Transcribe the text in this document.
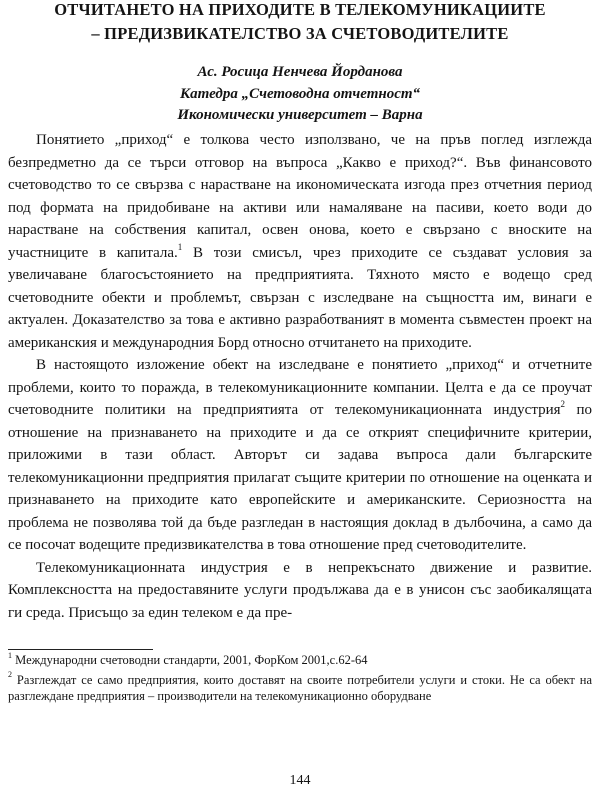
ОТЧИТАНЕТО НА ПРИХОДИТЕ В ТЕЛЕКОМУНИКАЦИИТЕ
– ПРЕДИЗВИКАТЕЛСТВО ЗА СЧЕТОВОДИТЕЛИТЕ
Ас. Росица Ненчева Йорданова
Катедра „Счетоводна отчетност“
Икономически университет – Варна

Понятието „приход“ е толкова често използвано, че на пръв поглед изглежда безпредметно да се търси отговор на въпроса „Какво е приход?“. Във финансовото счетоводство то се свързва с нарастване на икономическата изгода през отчетния период под формата на придобиване на активи или намаляване на пасиви, което води до нарастване на собствения капитал, освен онова, което е свързано с вноските на участниците в капитала.$^1$ В този смисъл, чрез приходите се създават условия за увеличаване благосъстоянието на предприятията. Тяхното място е водещо сред счетоводните обекти и проблемът, свързан с изследване на същността им, винаги е актуален. Доказателство за това е активно разработваният в момента съвместен проект на американския и международния Борд относно отчитането на приходите.

В настоящото изложение обект на изследване е понятието „приход“ и отчетните проблеми, които то поражда, в телекомуникационните компании. Целта е да се проучат счетоводните политики на предприятията от телекомуникационната индустрия$^2$ по отношение на признаването на приходите и да се открият специфичните критерии, приложими в тази област. Авторът си задава въпроса дали българските телекомуникационни предприятия прилагат същите критерии по отношение на оценката и признаването на приходите като европейските и американските. Сериозността на проблема не позволява той да бъде разгледан в настоящия доклад в дълбочина, а само да се посочат водещите предизвикателства в това отношение пред счетоводителите.

Телекомуникационната индустрия е в непрекъснато движение и развитие. Комплексността на предоставяните услуги продължава да е в унисон със заобикалящата ги среда. Присъщо за един телеком е да пре-

$^1$ Международни счетоводни стандарти, 2001, ФорКом 2001,с.62-64

$^2$ Разглеждат се само предприятия, които доставят на своите потребители услуги и стоки. Не са обект на разглеждане предприятия – производители на телекомуникационно оборудване

144
